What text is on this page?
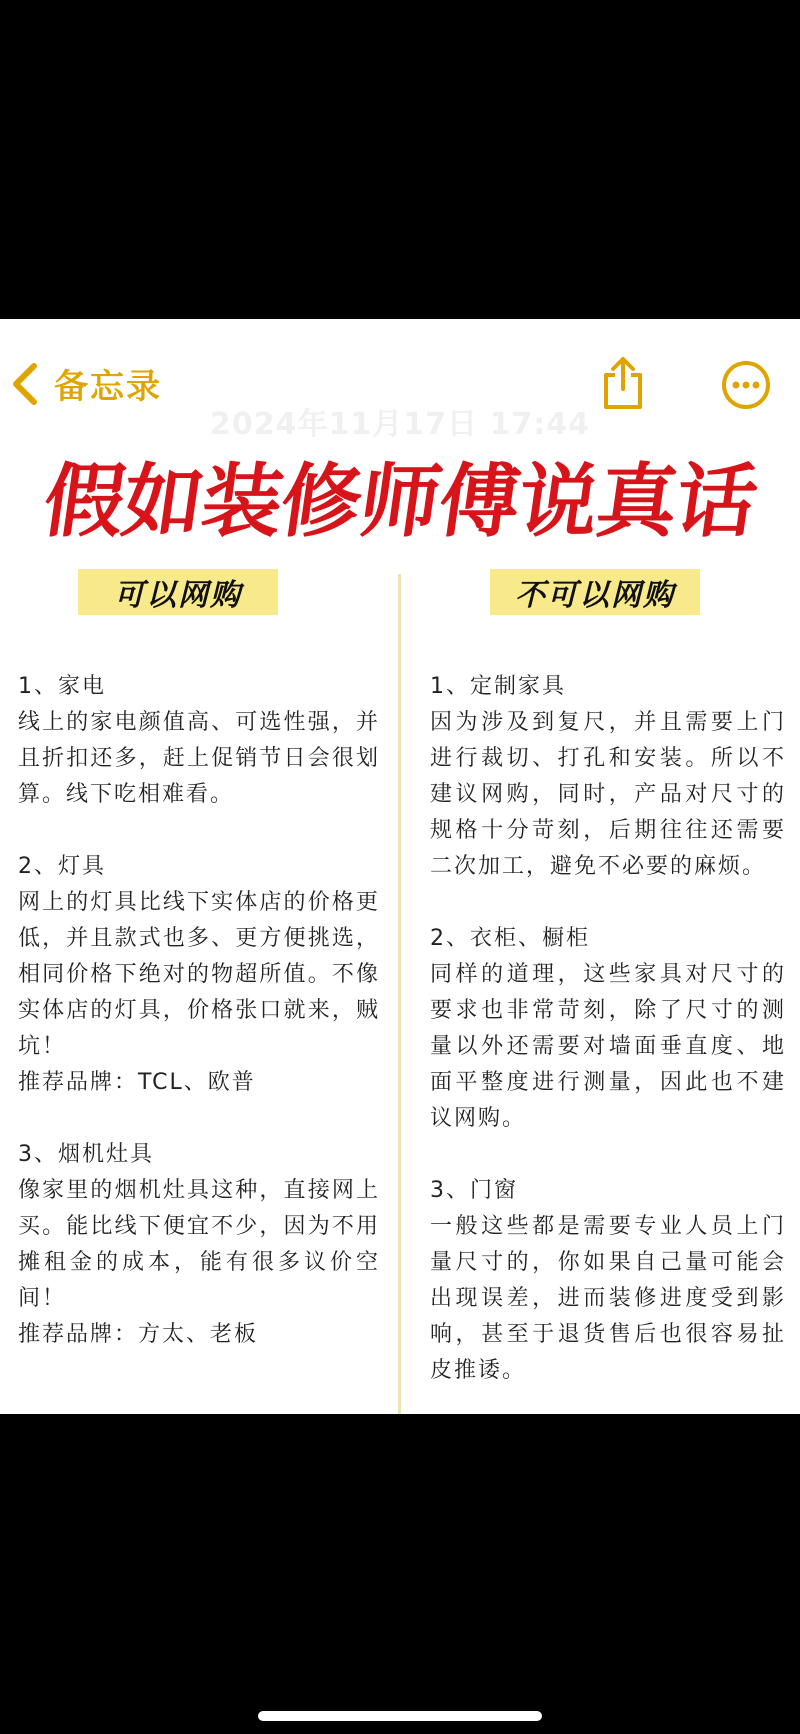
备忘录
2024年11月17日 17:44
假如装修师傅说真话
可以网购
1、家电
线上的家电颜值高、可选性强，并且折扣还多，赶上促销节日会很划算。线下吃相难看。
2、灯具
网上的灯具比线下实体店的价格更低，并且款式也多、更方便挑选，相同价格下绝对的物超所值。不像实体店的灯具，价格张口就来，贼坑！
推荐品牌：TCL、欧普
3、烟机灶具
像家里的烟机灶具这种，直接网上买。能比线下便宜不少，因为不用摊租金的成本，能有很多议价空间！
推荐品牌：方太、老板
不可以网购
1、定制家具
因为涉及到复尺，并且需要上门进行裁切、打孔和安装。所以不建议网购，同时，产品对尺寸的规格十分苛刻，后期往往还需要二次加工，避免不必要的麻烦。
2、衣柜、橱柜
同样的道理，这些家具对尺寸的要求也非常苛刻，除了尺寸的测量以外还需要对墙面垂直度、地面平整度进行测量，因此也不建议网购。
3、门窗
一般这些都是需要专业人员上门量尺寸的，你如果自己量可能会出现误差，进而装修进度受到影响，甚至于退货售后也很容易扯皮推诿。
